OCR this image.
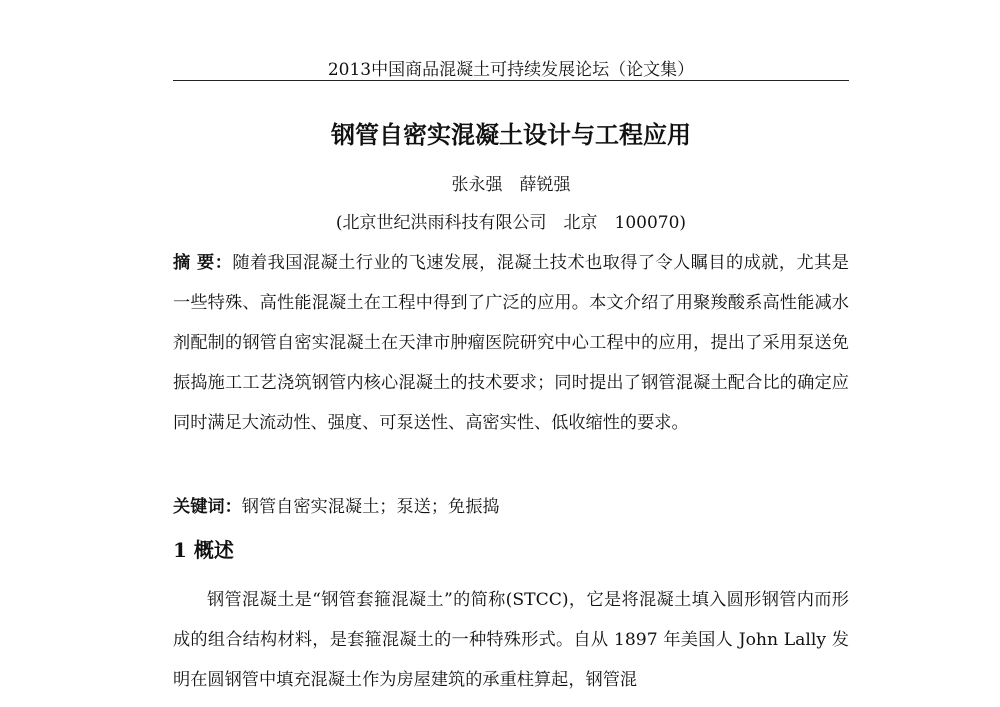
2013中国商品混凝土可持续发展论坛（论文集）
钢管自密实混凝土设计与工程应用
张永强　薛锐强
(北京世纪洪雨科技有限公司　北京　100070)
摘 要：随着我国混凝土行业的飞速发展，混凝土技术也取得了令人瞩目的成就，尤其是一些特殊、高性能混凝土在工程中得到了广泛的应用。本文介绍了用聚羧酸系高性能减水剂配制的钢管自密实混凝土在天津市肿瘤医院研究中心工程中的应用，提出了采用泵送免振捣施工工艺浇筑钢管内核心混凝土的技术要求；同时提出了钢管混凝土配合比的确定应同时满足大流动性、强度、可泵送性、高密实性、低收缩性的要求。
关键词：钢管自密实混凝土；泵送；免振捣
1 概述
钢管混凝土是“钢管套箍混凝土”的简称(STCC)，它是将混凝土填入圆形钢管内而形成的组合结构材料，是套箍混凝土的一种特殊形式。自从 1897 年美国人 John Lally 发明在圆钢管中填充混凝土作为房屋建筑的承重柱算起，钢管混
